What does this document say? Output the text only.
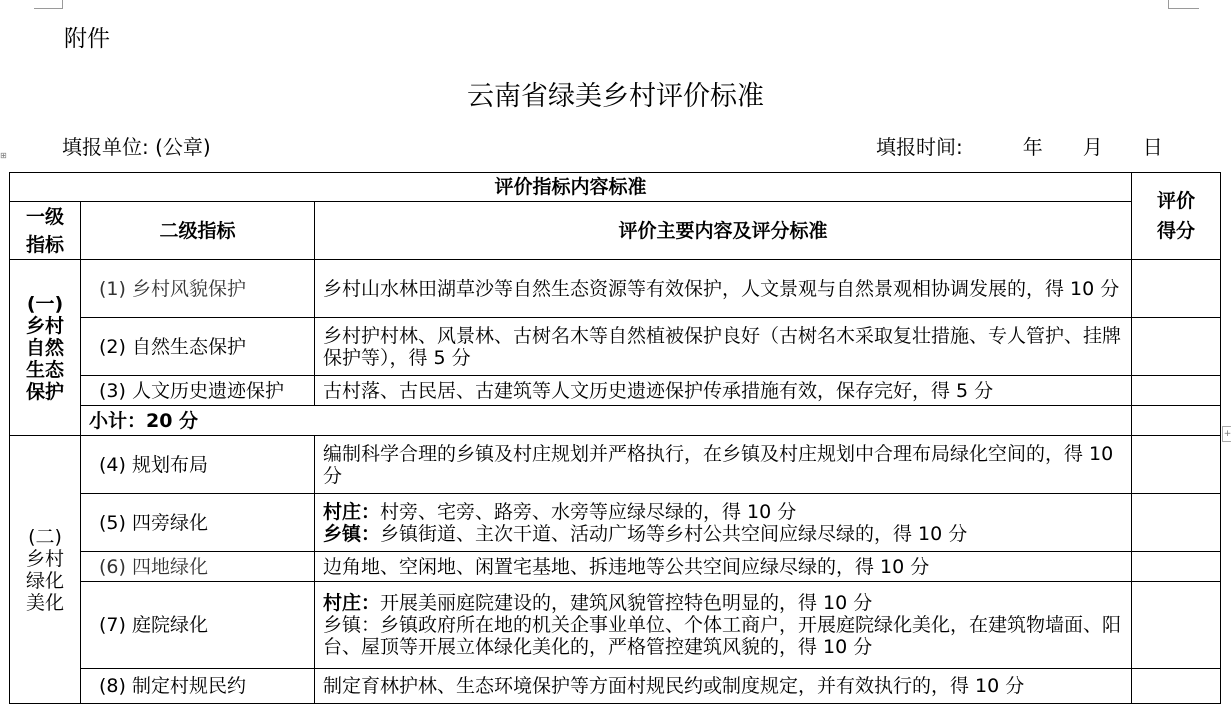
⊞
+
附件
云南省绿美乡村评价标准
填报单位: (公章)	填报时间:	年 月 日
评价指标内容标准			评价
得分
一级
指标	二级指标	评价主要内容及评分标准	
(一)
乡村
自然
生态
保护	(1) 乡村风貌保护	乡村山水林田湖草沙等自然生态资源等有效保护，人文景观与自然景观相协调发展的，得 10 分	
	(2) 自然生态保护	乡村护村林、风景林、古树名木等自然植被保护良好（古树名木采取复壮措施、专人管护、挂牌保护等），得 5 分	
	(3) 人文历史遗迹保护	古村落、古民居、古建筑等人文历史遗迹保护传承措施有效，保存完好，得 5 分	
	小计：20 分		
(二)
乡村
绿化
美化	(4) 规划布局	编制科学合理的乡镇及村庄规划并严格执行，在乡镇及村庄规划中合理布局绿化空间的，得 10 分	
	(5) 四旁绿化	村庄：村旁、宅旁、路旁、水旁等应绿尽绿的，得 10 分
乡镇：乡镇街道、主次干道、活动广场等乡村公共空间应绿尽绿的，得 10 分	

	(6) 四地绿化	边角地、空闲地、闲置宅基地、拆违地等公共空间应绿尽绿的，得 10 分	
	(7) 庭院绿化	村庄：开展美丽庭院建设的，建筑风貌管控特色明显的，得 10 分
乡镇：乡镇政府所在地的机关企事业单位、个体工商户，开展庭院绿化美化，在建筑物墙面、阳台、屋顶等开展立体绿化美化的，严格管控建筑风貌的，得 10 分	

	(8) 制定村规民约	制定育林护林、生态环境保护等方面村规民约或制度规定，并有效执行的，得 10 分	
